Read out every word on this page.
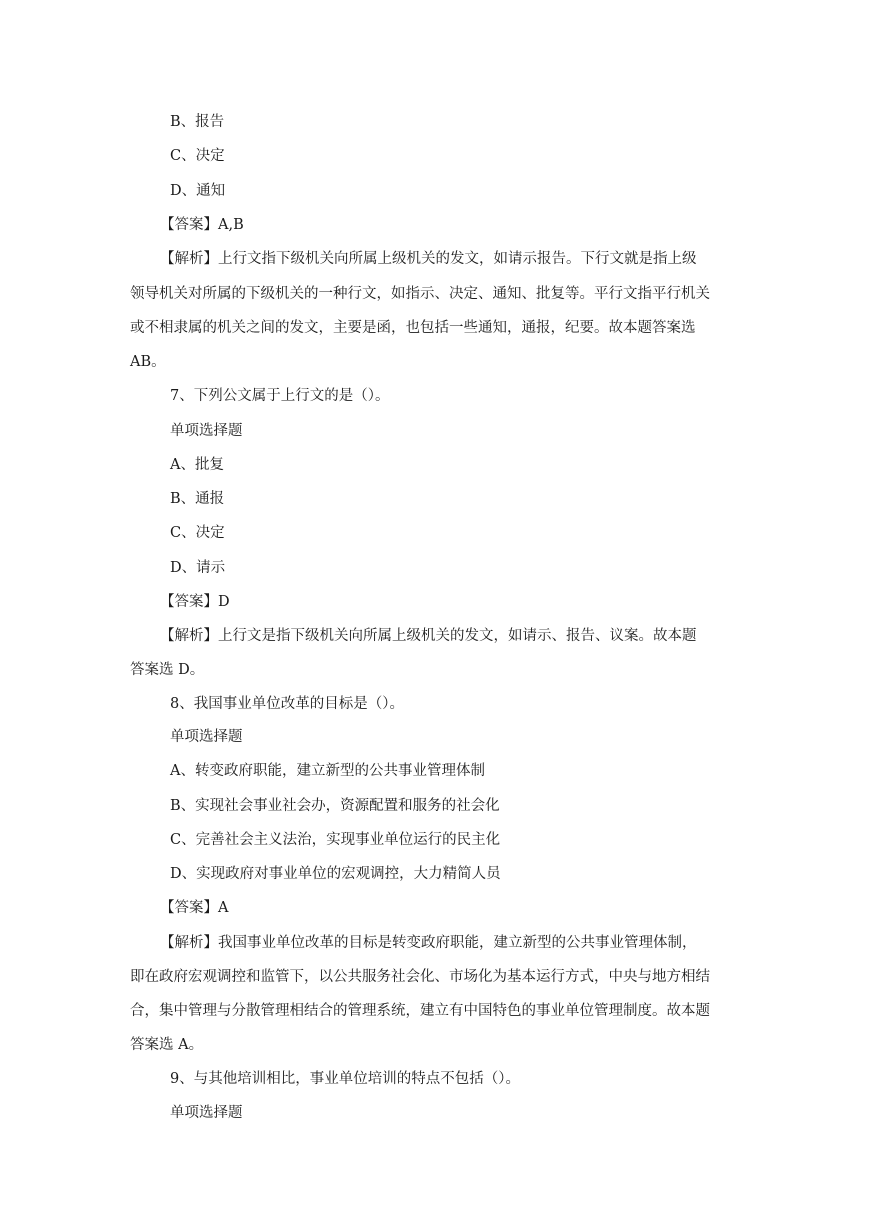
B、报告
C、决定
D、通知
【答案】A,B
【解析】上行文指下级机关向所属上级机关的发文，如请示报告。下行文就是指上级
领导机关对所属的下级机关的一种行文，如指示、决定、通知、批复等。平行文指平行机关
或不相隶属的机关之间的发文，主要是函，也包括一些通知，通报，纪要。故本题答案选
AB。
7、下列公文属于上行文的是（）。
单项选择题
A、批复
B、通报
C、决定
D、请示
【答案】D
【解析】上行文是指下级机关向所属上级机关的发文，如请示、报告、议案。故本题
答案选 D。
8、我国事业单位改革的目标是（）。
单项选择题
A、转变政府职能，建立新型的公共事业管理体制
B、实现社会事业社会办，资源配置和服务的社会化
C、完善社会主义法治，实现事业单位运行的民主化
D、实现政府对事业单位的宏观调控，大力精简人员
【答案】A
【解析】我国事业单位改革的目标是转变政府职能，建立新型的公共事业管理体制，
即在政府宏观调控和监管下，以公共服务社会化、市场化为基本运行方式，中央与地方相结
合，集中管理与分散管理相结合的管理系统，建立有中国特色的事业单位管理制度。故本题
答案选 A。
9、与其他培训相比，事业单位培训的特点不包括（）。
单项选择题
